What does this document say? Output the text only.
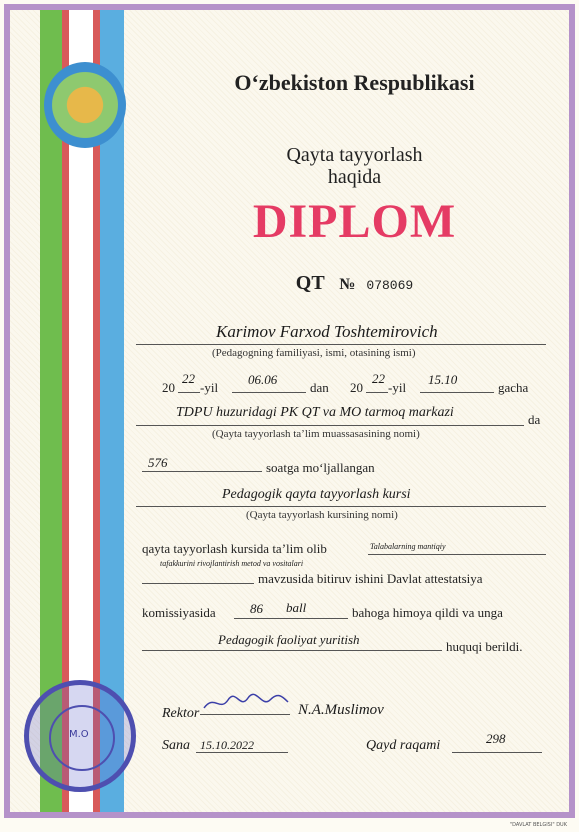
O‘zbekiston Respublikasi
Qayta tayyorlash
haqida
DIPLOM
QT № 078069
Karimov Farxod Toshtemirovich
(Pedagogning familiyasi, ismi, otasining ismi)
20
22
-yil
06.06
dan 20
22
-yil
15.10
gacha
TDPU huzuridagi PK QT va MO tarmoq markazi	da
(Qayta tayyorlash ta’lim muassasasining nomi)
576	soatga mo‘ljallangan
Pedagogik qayta tayyorlash kursi
(Qayta tayyorlash kursining nomi)
qayta tayyorlash kursida ta’lim olib	Talabalarning mantiqiy
tafakkurini rivojlantirish metod va vositalari
mavzusida bitiruv ishini Davlat attestatsiya
komissiyasida	86 ball	bahoga himoya qildi va unga
Pedagogik faoliyat yuritish	huquqi berildi.
M.O
Rektor	N.A.Muslimov
Sana 15.10.2022	Qayd raqami	298
"DAVLAT BELGISI" DUK
